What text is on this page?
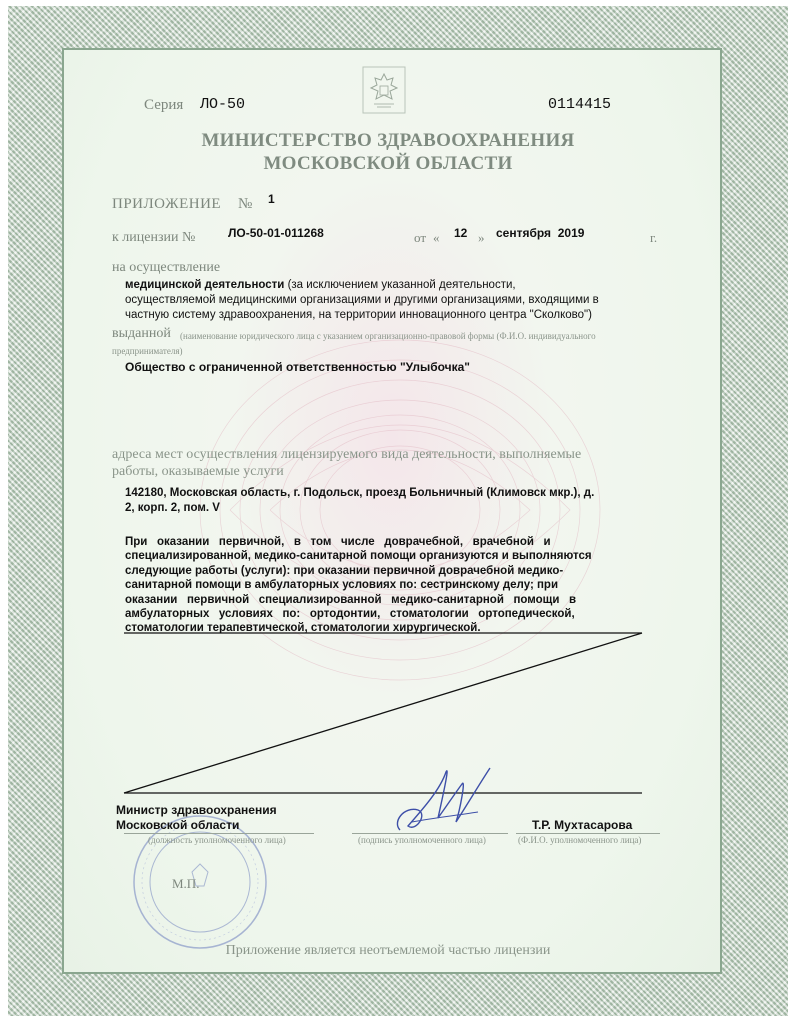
Серия ЛО-50	0114415
МИНИСТЕРСТВО ЗДРАВООХРАНЕНИЯ
МОСКОВСКОЙ ОБЛАСТИ
ПРИЛОЖЕНИЕ № 1
к лицензии №	ЛО-50-01-011268	от « 12 » сентября  2019	г.
на осуществление
медицинской деятельности (за исключением указанной деятельности,
осуществляемой медицинскими организациями и другими организациями, входящими в
частную систему здравоохранения, на территории инновационного центра "Сколково")
выданной (наименование юридического лица с указанием организационно-правовой формы (Ф.И.О. индивидуального
предпринимателя)
Общество с ограниченной ответственностью "Улыбочка"
адреса мест осуществления лицензируемого вида деятельности, выполняемые
работы, оказываемые услуги
142180, Московская область, г. Подольск, проезд Больничный (Климовск мкр.), д.
2, корп. 2, пом. V
При   оказании   первичной,   в   том   числе   доврачебной,   врачебной   и
специализированной, медико-санитарной помощи организуются и выполняются
следующие работы (услуги): при оказании первичной доврачебной медико-
санитарной помощи в амбулаторных условиях по: сестринскому делу; при
оказании   первичной   специализированной   медико-санитарной   помощи   в
амбулаторных   условиях   по:   ортодонтии,   стоматологии   ортопедической,
стоматологии терапевтической, стоматологии хирургической.
Министр здравоохранения
Московской области
(должность уполномоченного лица)	(подпись уполномоченного лица)
Т.Р. Мухтасарова
(Ф.И.О. уполномоченного лица)
М.П.
Приложение является неотъемлемой частью лицензии
